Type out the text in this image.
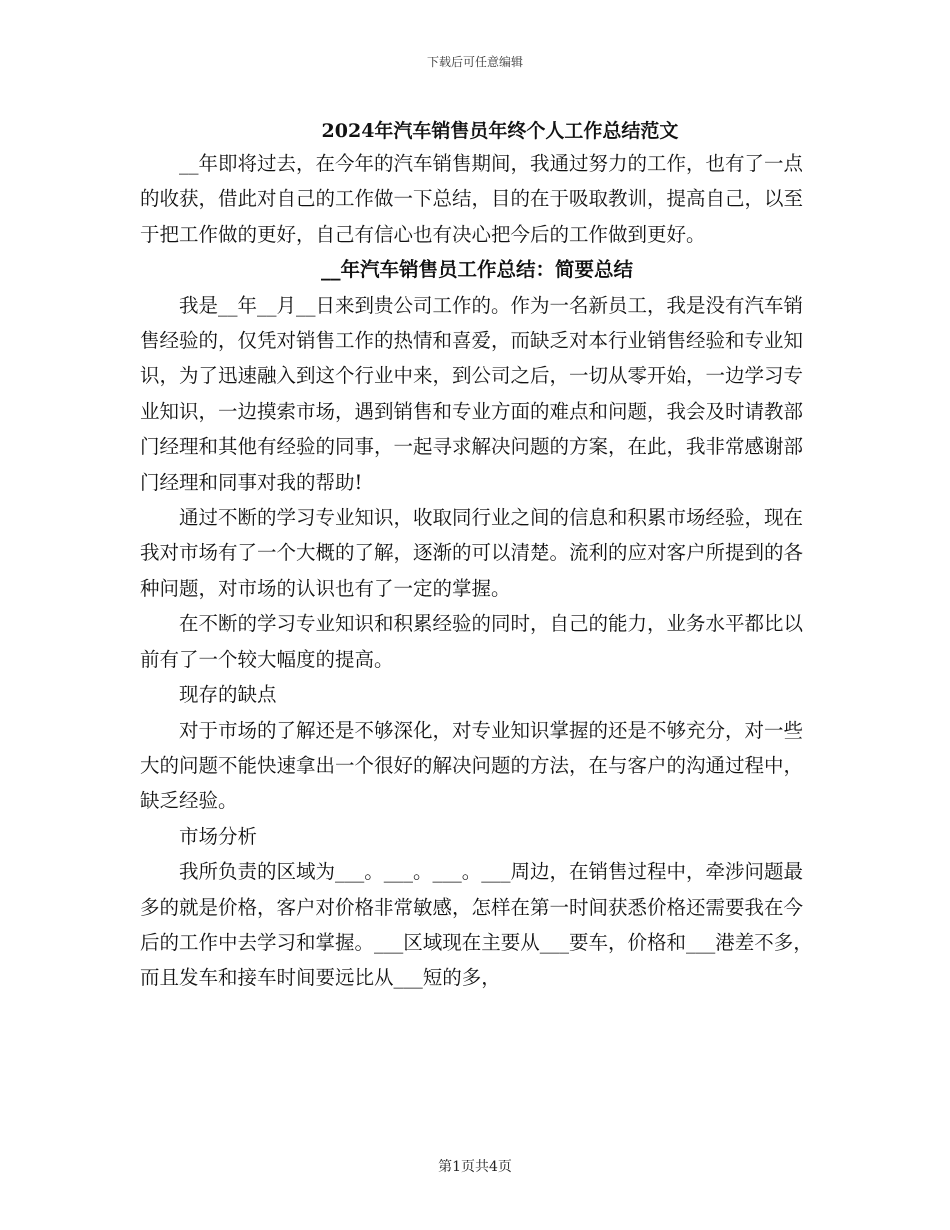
下载后可任意编辑
2024年汽车销售员年终个人工作总结范文

__年即将过去，在今年的汽车销售期间，我通过努力的工作，也有了一点的收获，借此对自己的工作做一下总结，目的在于吸取教训，提高自己，以至于把工作做的更好，自己有信心也有决心把今后的工作做到更好。

__年汽车销售员工作总结：简要总结

我是__年__月__日来到贵公司工作的。作为一名新员工，我是没有汽车销售经验的，仅凭对销售工作的热情和喜爱，而缺乏对本行业销售经验和专业知识，为了迅速融入到这个行业中来，到公司之后，一切从零开始，一边学习专业知识，一边摸索市场，遇到销售和专业方面的难点和问题，我会及时请教部门经理和其他有经验的同事，一起寻求解决问题的方案，在此，我非常感谢部门经理和同事对我的帮助!

通过不断的学习专业知识，收取同行业之间的信息和积累市场经验，现在我对市场有了一个大概的了解，逐渐的可以清楚。流利的应对客户所提到的各种问题，对市场的认识也有了一定的掌握。

在不断的学习专业知识和积累经验的同时，自己的能力，业务水平都比以前有了一个较大幅度的提高。

现存的缺点

对于市场的了解还是不够深化，对专业知识掌握的还是不够充分，对一些大的问题不能快速拿出一个很好的解决问题的方法，在与客户的沟通过程中，缺乏经验。

市场分析

我所负责的区域为___。___。___。___周边，在销售过程中，牵涉问题最多的就是价格，客户对价格非常敏感，怎样在第一时间获悉价格还需要我在今后的工作中去学习和掌握。___区域现在主要从___要车，价格和___港差不多，而且发车和接车时间要远比从___短的多，

第1页共4页
